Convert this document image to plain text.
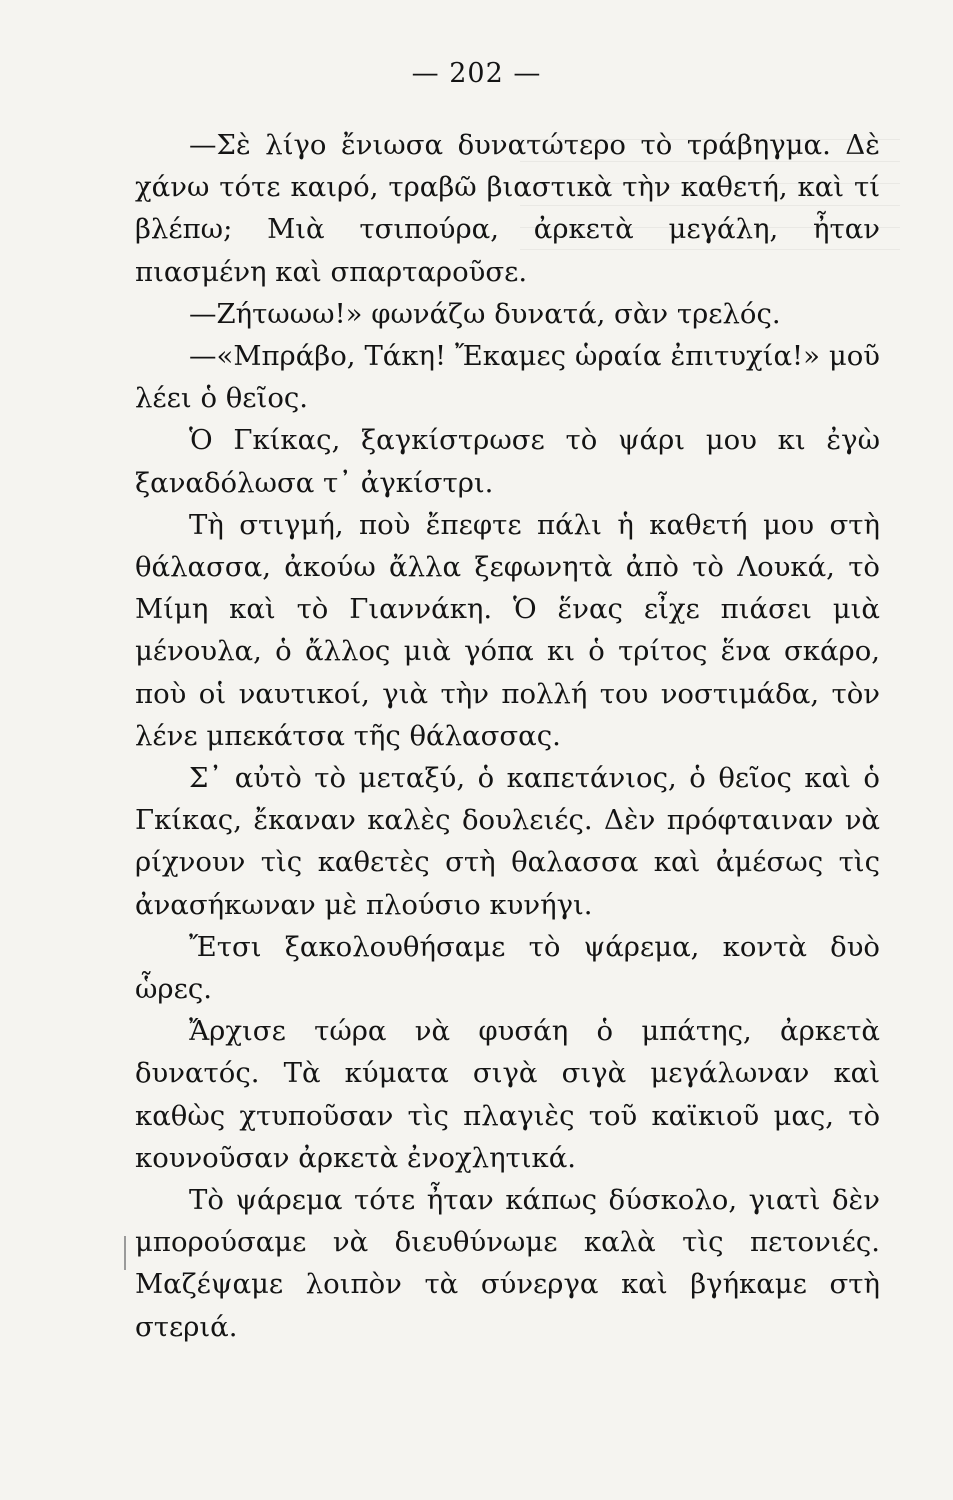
— 202 —

—Σὲ λίγο ἔνιωσα δυνατώτερο τὸ τράβηγμα. Δὲ χάνω τότε καιρό, τραβῶ βιαστικὰ τὴν καθετή, καὶ τί βλέπω; Μιὰ τσιπούρα, ἀρκετὰ μεγάλη, ἦταν πιασμένη καὶ σπαρταροῦσε.

—Ζήτωωω!» φωνάζω δυνατά, σὰν τρελός.

—«Μπράβο, Τάκη! Ἔκαμες ὡραία ἐπιτυχία!» μοῦ λέει ὁ θεῖος.

Ὁ Γκίκας, ξαγκίστρωσε τὸ ψάρι μου κι ἐγὼ ξαναδόλωσα τ᾿ ἀγκίστρι.

Τὴ στιγμή, ποὺ ἔπεφτε πάλι ἡ καθετή μου στὴ θάλασσα, ἀκούω ἄλλα ξεφωνητὰ ἀπὸ τὸ Λουκά, τὸ Μίμη καὶ τὸ Γιαννάκη. Ὁ ἕνας εἶχε πιάσει μιὰ μένουλα, ὁ ἄλλος μιὰ γόπα κι ὁ τρίτος ἕνα σκάρο, ποὺ οἱ ναυτικοί, γιὰ τὴν πολλή του νοστιμάδα, τὸν λένε μπεκάτσα τῆς θάλασσας.

Σ᾿ αὐτὸ τὸ μεταξύ, ὁ καπετάνιος, ὁ θεῖος καὶ ὁ Γκίκας, ἔκαναν καλὲς δουλειές. Δὲν πρόφταιναν νὰ ρίχνουν τὶς καθετὲς στὴ θαλασσα καὶ ἀμέσως τὶς ἀνασήκωναν μὲ πλούσιο κυνήγι.

Ἔτσι ξακολουθήσαμε τὸ ψάρεμα, κοντὰ δυὸ ὧρες.

Ἄρχισε τώρα νὰ φυσάη ὁ μπάτης, ἀρκετὰ δυνατός. Τὰ κύματα σιγὰ σιγὰ μεγάλωναν καὶ καθὼς χτυποῦσαν τὶς πλαγιὲς τοῦ καϊκιοῦ μας, τὸ κουνοῦσαν ἀρκετὰ ἐνοχλητικά.

Τὸ ψάρεμα τότε ἦταν κάπως δύσκολο, γιατὶ δὲν μπορούσαμε νὰ διευθύνωμε καλὰ τὶς πετονιές. Μαζέψαμε λοιπὸν τὰ σύνεργα καὶ βγήκαμε στὴ στεριά.
